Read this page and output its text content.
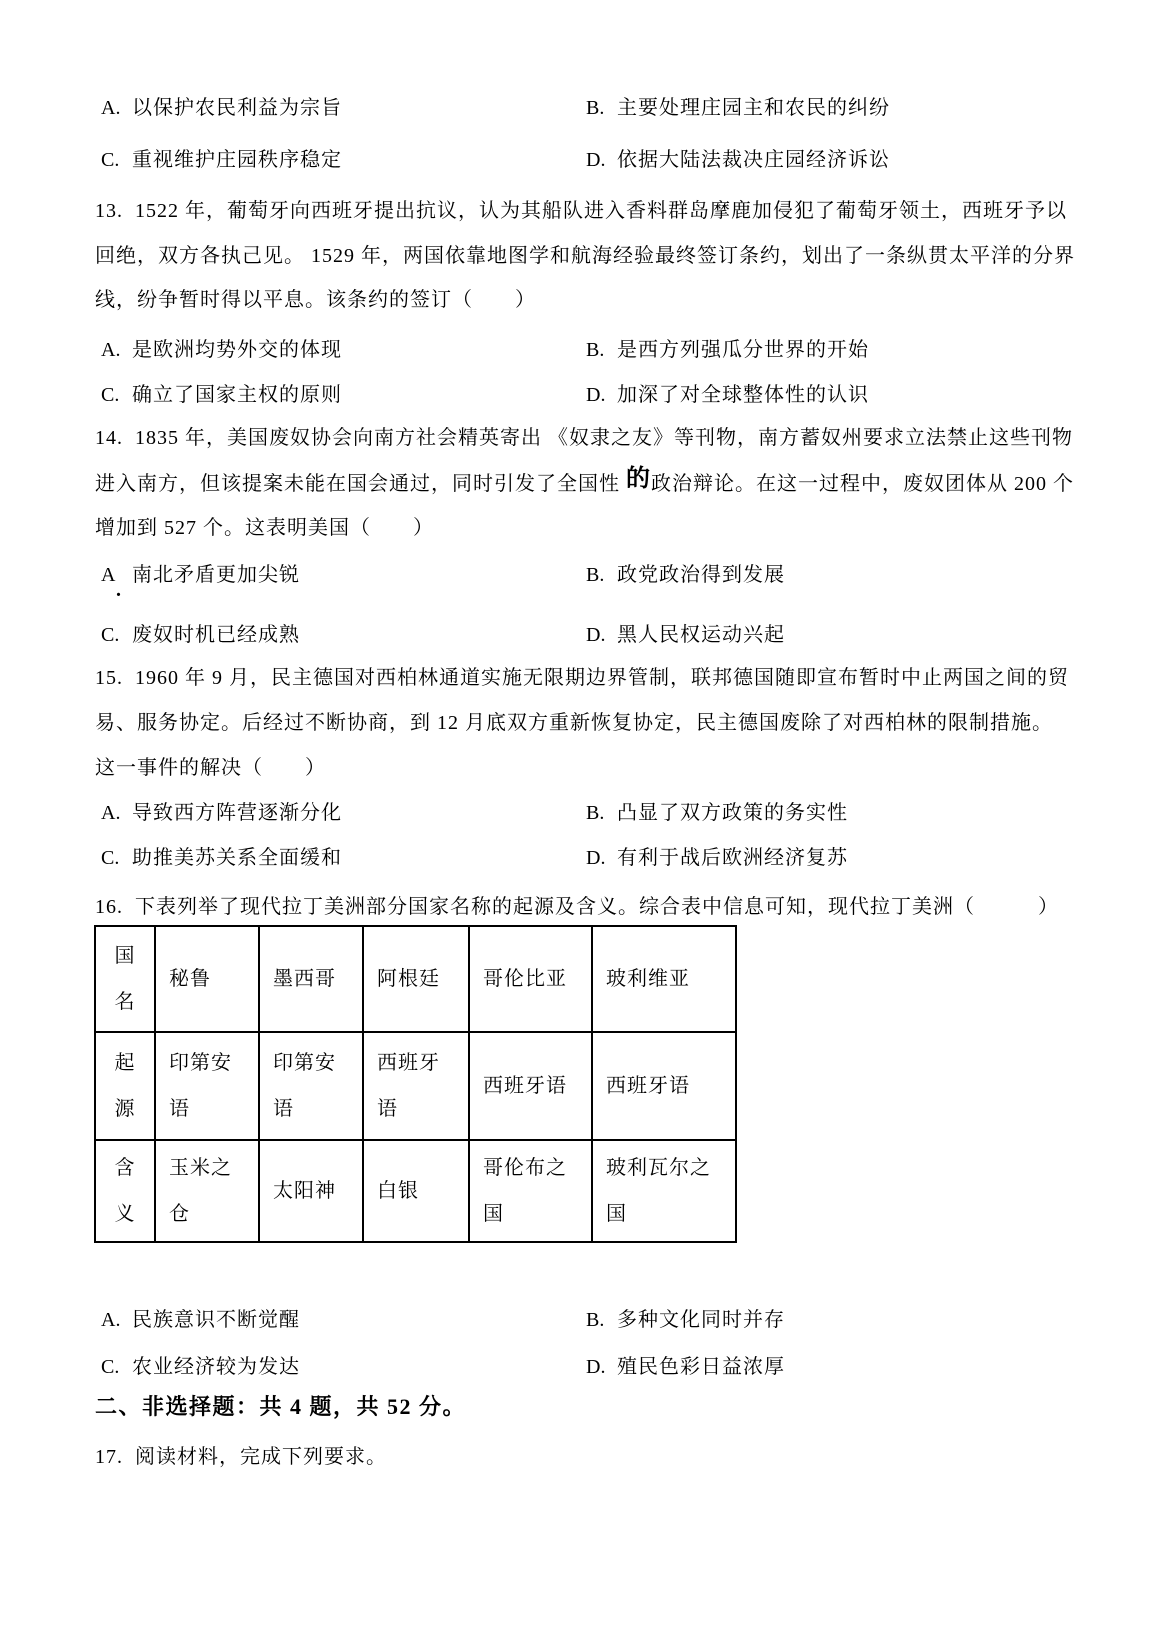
A. 以保护农民利益为宗旨	B. 主要处理庄园主和农民的纠纷
C. 重视维护庄园秩序稳定	D. 依据大陆法裁决庄园经济诉讼
13.  1522 年，葡萄牙向西班牙提出抗议，认为其船队进入香料群岛摩鹿加侵犯了葡萄牙领土，西班牙予以
回绝，双方各执己见。 1529 年，两国依靠地图学和航海经验最终签订条约，划出了一条纵贯太平洋的分界
线，纷争暂时得以平息。该条约的签订（　　）
A. 是欧洲均势外交的体现	B. 是西方列强瓜分世界的开始
C. 确立了国家主权的原则	D. 加深了对全球整体性的认识
14.  1835 年，美国废奴协会向南方社会精英寄出 《奴隶之友》等刊物，南方蓄奴州要求立法禁止这些刊物
进入南方，但该提案未能在国会通过，同时引发了全国性 的政治辩论。在这一过程中，废奴团体从 200 个
增加到 527 个。这表明美国（　　）
A 南北矛盾更加尖锐	B. 政党政治得到发展
.
C. 废奴时机已经成熟	D. 黑人民权运动兴起
15.  1960 年 9 月，民主德国对西柏林通道实施无限期边界管制，联邦德国随即宣布暂时中止两国之间的贸
易、服务协定。后经过不断协商，到 12 月底双方重新恢复协定，民主德国废除了对西柏林的限制措施。
这一事件的解决（　　）
A. 导致西方阵营逐渐分化	B. 凸显了双方政策的务实性
C. 助推美苏关系全面缓和	D. 有利于战后欧洲经济复苏
16.  下表列举了现代拉丁美洲部分国家名称的起源及含义。综合表中信息可知，现代拉丁美洲（　　　）
国名	秘鲁	墨西哥	阿根廷	哥伦比亚	玻利维亚
起源	印第安语	印第安语	西班牙语	西班牙语	西班牙语
含义	玉米之仓	太阳神	白银	哥伦布之国	玻利瓦尔之国
A. 民族意识不断觉醒	B. 多种文化同时并存
C. 农业经济较为发达	D. 殖民色彩日益浓厚
二、非选择题：共 4 题，共 52 分。
17.  阅读材料，完成下列要求。
